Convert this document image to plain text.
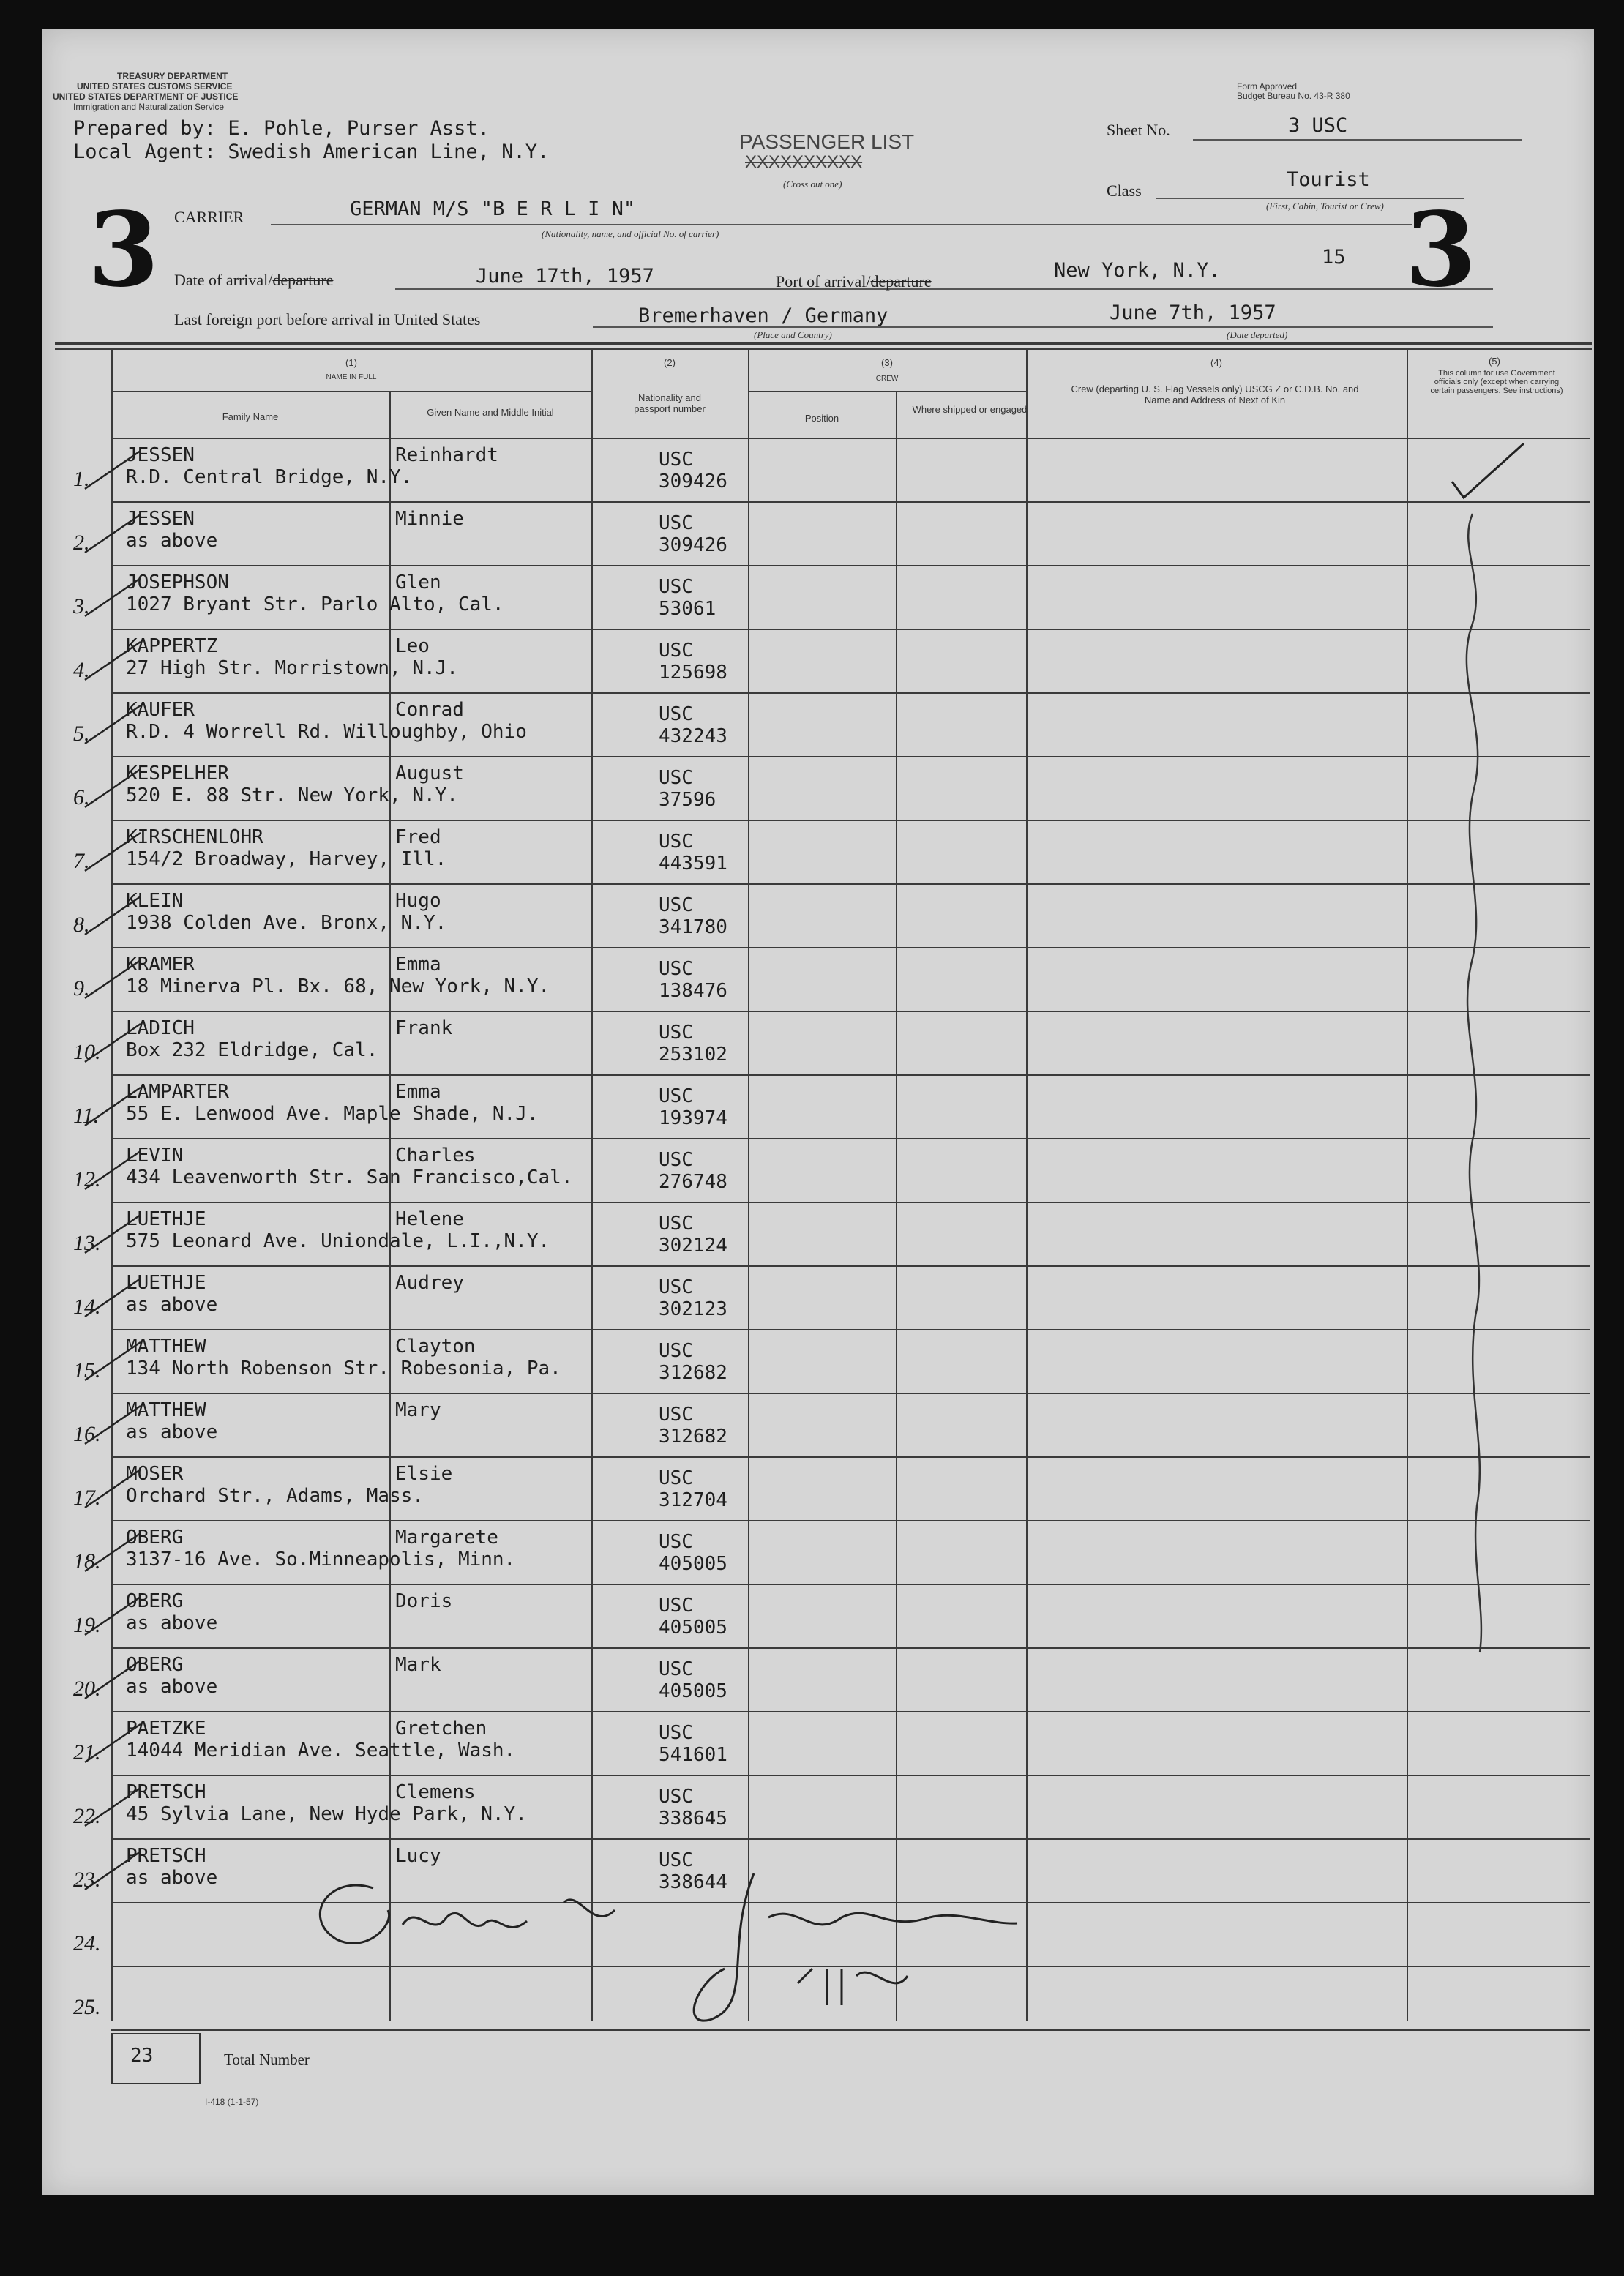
TREASURY DEPARTMENT
UNITED STATES CUSTOMS SERVICE
UNITED STATES DEPARTMENT OF JUSTICE
Immigration and Naturalization Service
Prepared by: E. Pohle, Purser Asst.
Local Agent: Swedish American Line, N.Y.	PASSENGER LIST
XXXXXXXXXX
(Cross out one)
Form Approved
Budget Bureau No. 43-R 380
Sheet No.	3 USC
Class	Tourist
(First, Cabin, Tourist or Crew)
3	3
CARRIER	GERMAN M/S "B E R L I N"
(Nationality, name, and official No. of carrier)
Date of arrival/departure	June 17th, 1957	Port of arrival/departure	New York, N.Y.
15
Last foreign port before arrival in United States	Bremerhaven / Germany
(Place and Country)
June 7th, 1957
(Date departed)
(1)
NAME IN FULL
Family Name	Given Name and Middle Initial
(2)
Nationality and passport number
(3)
CREW
Position
Where shipped or engaged
(4)
Crew (departing U. S. Flag Vessels only) USCG Z or C.D.B. No. and Name and Address of Next of Kin
(5)
This column for use Government officials only (except when carrying certain passengers. See instructions)
1.
JESSEN
R.D. Central Bridge, N.Y.
Reinhardt	USC
309426
2.
JESSEN
as above
Minnie	USC
309426
3.
JOSEPHSON
1027 Bryant Str. Parlo Alto, Cal.
Glen	USC
53061
4.
KAPPERTZ
27 High Str. Morristown, N.J.
Leo	USC
125698
5.
KAUFER
R.D. 4 Worrell Rd. Willoughby, Ohio
Conrad	USC
432243
6.
KESPELHER
520 E. 88 Str. New York, N.Y.
August	USC
37596
7.
KIRSCHENLOHR
154/2 Broadway, Harvey, Ill.
Fred	USC
443591
8.
KLEIN
1938 Colden Ave. Bronx, N.Y.
Hugo	USC
341780
9.
KRAMER
18 Minerva Pl. Bx. 68, New York, N.Y.
Emma	USC
138476
10.
LADICH
Box 232 Eldridge, Cal.
Frank	USC
253102
11.
LAMPARTER
55 E. Lenwood Ave. Maple Shade, N.J.
Emma	USC
193974
12.
LEVIN
434 Leavenworth Str. San Francisco,Cal.
Charles	USC
276748
13.
LUETHJE
575 Leonard Ave. Uniondale, L.I.,N.Y.
Helene	USC
302124
14.
LUETHJE
as above
Audrey	USC
302123
15.
MATTHEW
134 North Robenson Str. Robesonia, Pa.
Clayton	USC
312682
16.
MATTHEW
as above
Mary	USC
312682
17.
MOSER
Orchard Str., Adams, Mass.
Elsie	USC
312704
18.
OBERG
3137-16 Ave. So.Minneapolis, Minn.
Margarete	USC
405005
19.
OBERG
as above
Doris	USC
405005
20.
OBERG
as above
Mark	USC
405005
21.
PAETZKE
14044 Meridian Ave. Seattle, Wash.
Gretchen	USC
541601
22.
PRETSCH
45 Sylvia Lane, New Hyde Park, N.Y.
Clemens	USC
338645
23.
PRETSCH
as above
Lucy	USC
338644
24.
25.
23	Total Number
I-418 (1-1-57)
